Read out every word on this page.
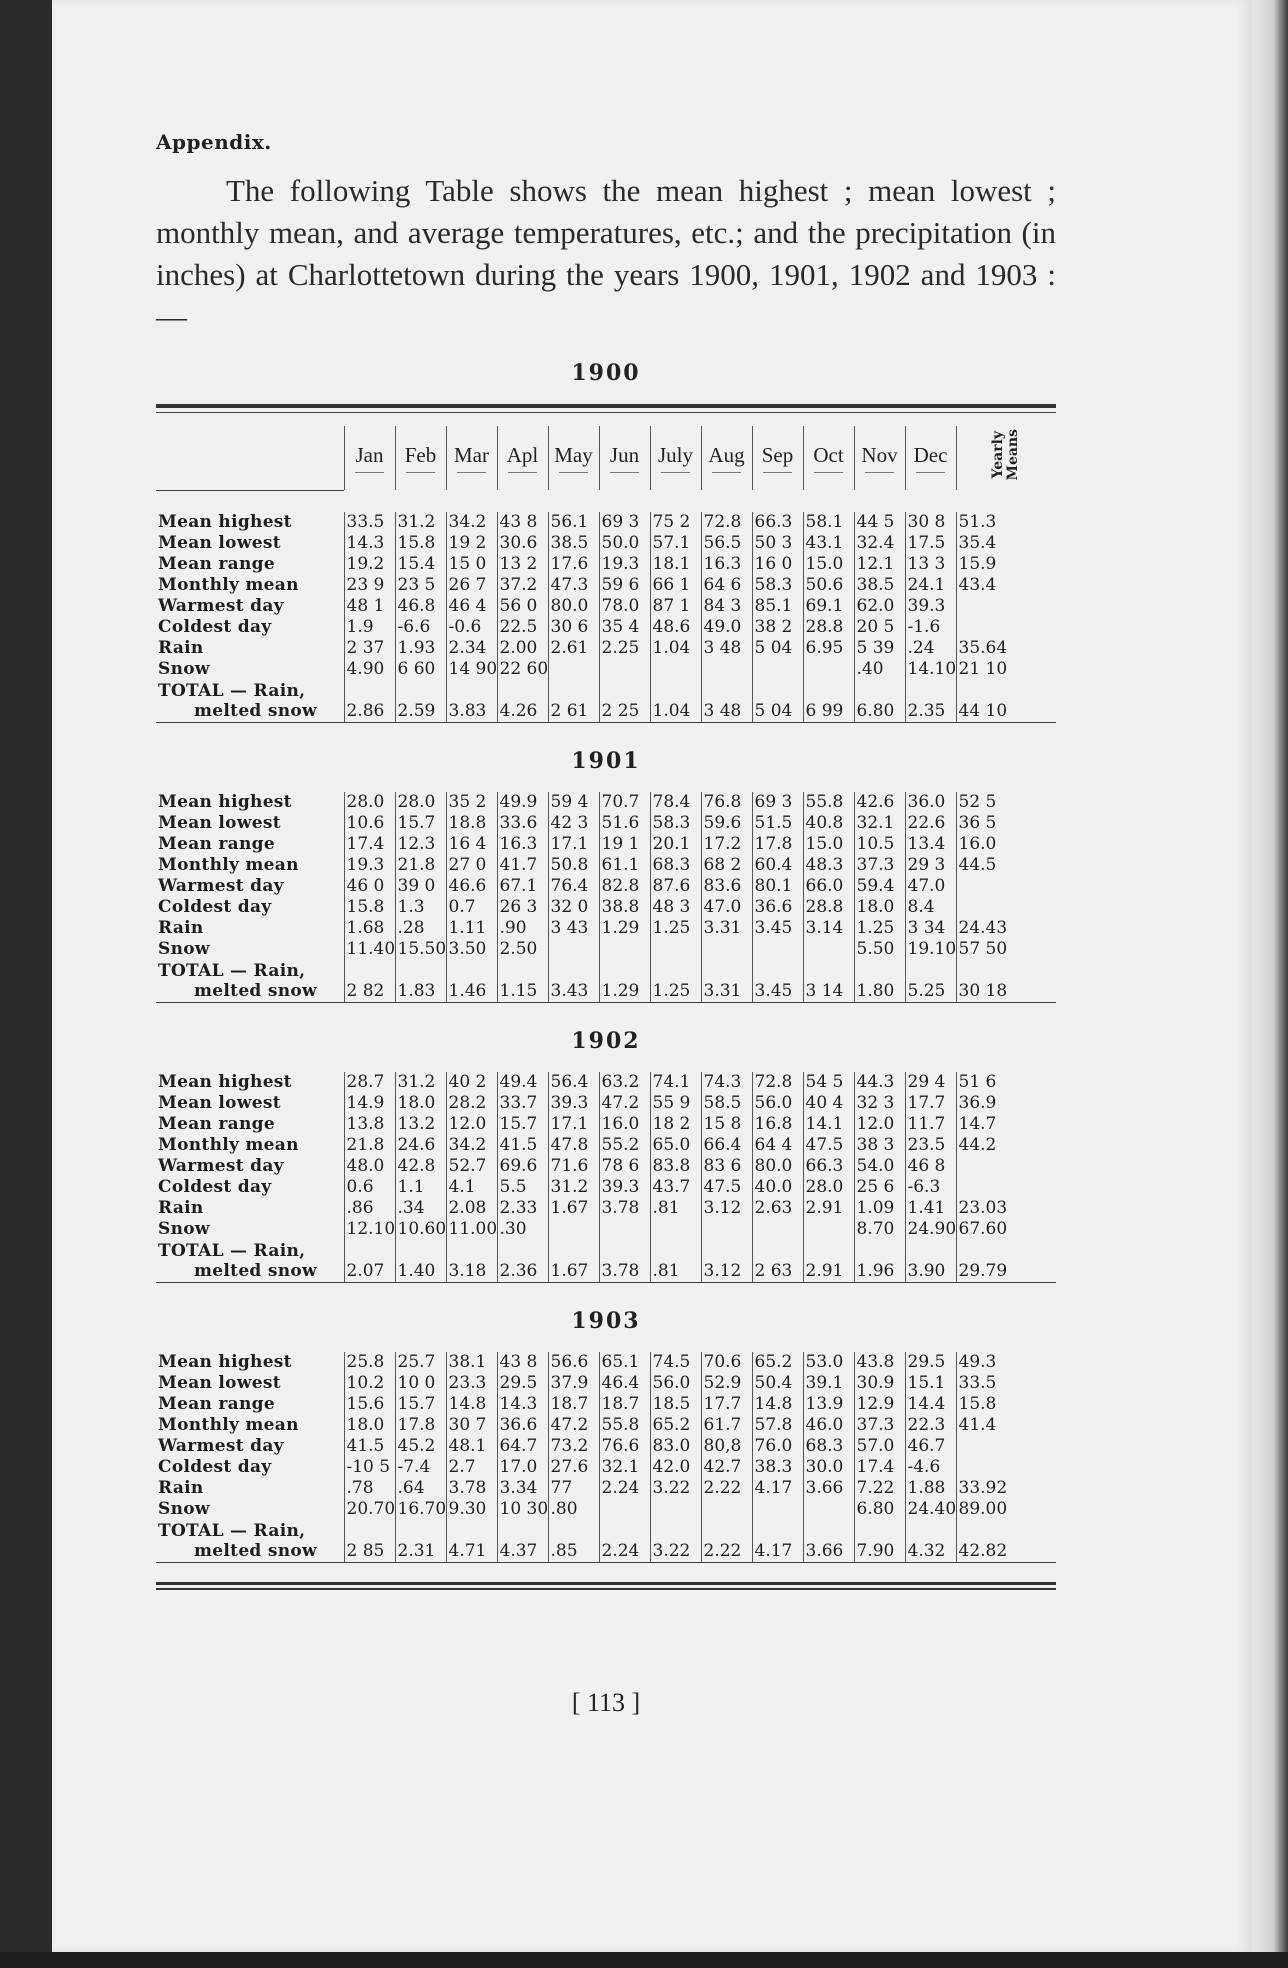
Appendix.
The following Table shows the mean highest ; mean lowest ; monthly mean, and average temperatures, etc.; and the precipitation (in inches) at Charlottetown during the years 1900, 1901, 1902 and 1903 :—
1900
	Jan	Feb	Mar	Apl	May	Jun	July	Aug	Sep	Oct	Nov	Dec	Yearly
Means
Mean highest	33.5	31.2	34.2	43 8	56.1	69 3	75 2	72.8	66.3	58.1	44 5	30 8	51.3
Mean lowest	14.3	15.8	19 2	30.6	38.5	50.0	57.1	56.5	50 3	43.1	32.4	17.5	35.4
Mean range	19.2	15.4	15 0	13 2	17.6	19.3	18.1	16.3	16 0	15.0	12.1	13 3	15.9
Monthly mean	23 9	23 5	26 7	37.2	47.3	59 6	66 1	64 6	58.3	50.6	38.5	24.1	43.4
Warmest day	48 1	46.8	46 4	56 0	80.0	78.0	87 1	84 3	85.1	69.1	62.0	39.3	
Coldest day	1.9	-6.6	-0.6	22.5	30 6	35 4	48.6	49.0	38 2	28.8	20 5	-1.6	
Rain	2 37	1.93	2.34	2.00	2.61	2.25	1.04	3 48	5 04	6.95	5 39	.24	35.64
Snow	4.90	6 60	14 90	22 60							.40	14.10	21 10

TOTAL — Rain,
melted snow	2.86	2.59	3.83	4.26	2 61	2 25	1.04	3 48	5 04	6 99	6.80	2.35	44 10
1901
Mean highest	28.0	28.0	35 2	49.9	59 4	70.7	78.4	76.8	69 3	55.8	42.6	36.0	52 5
Mean lowest	10.6	15.7	18.8	33.6	42 3	51.6	58.3	59.6	51.5	40.8	32.1	22.6	36 5
Mean range	17.4	12.3	16 4	16.3	17.1	19 1	20.1	17.2	17.8	15.0	10.5	13.4	16.0
Monthly mean	19.3	21.8	27 0	41.7	50.8	61.1	68.3	68 2	60.4	48.3	37.3	29 3	44.5
Warmest day	46 0	39 0	46.6	67.1	76.4	82.8	87.6	83.6	80.1	66.0	59.4	47.0	
Coldest day	15.8	1.3	0.7	26 3	32 0	38.8	48 3	47.0	36.6	28.8	18.0	8.4	
Rain	1.68	.28	1.11	.90	3 43	1.29	1.25	3.31	3.45	3.14	1.25	3 34	24.43
Snow	11.40	15.50	3.50	2.50							5.50	19.10	57 50

TOTAL — Rain,
melted snow	2 82	1.83	1.46	1.15	3.43	1.29	1.25	3.31	3.45	3 14	1.80	5.25	30 18
1902
Mean highest	28.7	31.2	40 2	49.4	56.4	63.2	74.1	74.3	72.8	54 5	44.3	29 4	51 6
Mean lowest	14.9	18.0	28.2	33.7	39.3	47.2	55 9	58.5	56.0	40 4	32 3	17.7	36.9
Mean range	13.8	13.2	12.0	15.7	17.1	16.0	18 2	15 8	16.8	14.1	12.0	11.7	14.7
Monthly mean	21.8	24.6	34.2	41.5	47.8	55.2	65.0	66.4	64 4	47.5	38 3	23.5	44.2
Warmest day	48.0	42.8	52.7	69.6	71.6	78 6	83.8	83 6	80.0	66.3	54.0	46 8	
Coldest day	0.6	1.1	4.1	5.5	31.2	39.3	43.7	47.5	40.0	28.0	25 6	-6.3	
Rain	.86	.34	2.08	2.33	1.67	3.78	.81	3.12	2.63	2.91	1.09	1.41	23.03
Snow	12.10	10.60	11.00	.30							8.70	24.90	67.60

TOTAL — Rain,
melted snow	2.07	1.40	3.18	2.36	1.67	3.78	.81	3.12	2 63	2.91	1.96	3.90	29.79
1903
Mean highest	25.8	25.7	38.1	43 8	56.6	65.1	74.5	70.6	65.2	53.0	43.8	29.5	49.3
Mean lowest	10.2	10 0	23.3	29.5	37.9	46.4	56.0	52.9	50.4	39.1	30.9	15.1	33.5
Mean range	15.6	15.7	14.8	14.3	18.7	18.7	18.5	17.7	14.8	13.9	12.9	14.4	15.8
Monthly mean	18.0	17.8	30 7	36.6	47.2	55.8	65.2	61.7	57.8	46.0	37.3	22.3	41.4
Warmest day	41.5	45.2	48.1	64.7	73.2	76.6	83.0	80,8	76.0	68.3	57.0	46.7	
Coldest day	-10 5	-7.4	2.7	17.0	27.6	32.1	42.0	42.7	38.3	30.0	17.4	-4.6	
Rain	.78	.64	3.78	3.34	77	2.24	3.22	2.22	4.17	3.66	7.22	1.88	33.92
Snow	20.70	16.70	9.30	10 30	.80						6.80	24.40	89.00

TOTAL — Rain,
melted snow	2 85	2.31	4.71	4.37	.85	2.24	3.22	2.22	4.17	3.66	7.90	4.32	42.82
[ 113 ]
